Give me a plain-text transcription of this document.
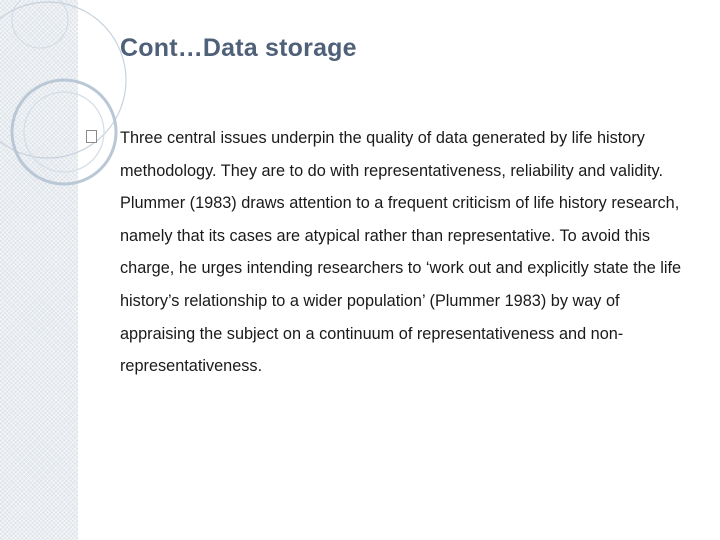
Cont…Data storage

Three central issues underpin the quality of data generated by life history methodology. They are to do with representativeness, reliability and validity. Plummer (1983) draws attention to a frequent criticism of life history research, namely that its cases are atypical rather than representative. To avoid this charge, he urges intending researchers to ‘work out and explicitly state the life history’s relationship to a wider population’ (Plummer 1983) by way of appraising the subject on a continuum of representativeness and non-representativeness.
